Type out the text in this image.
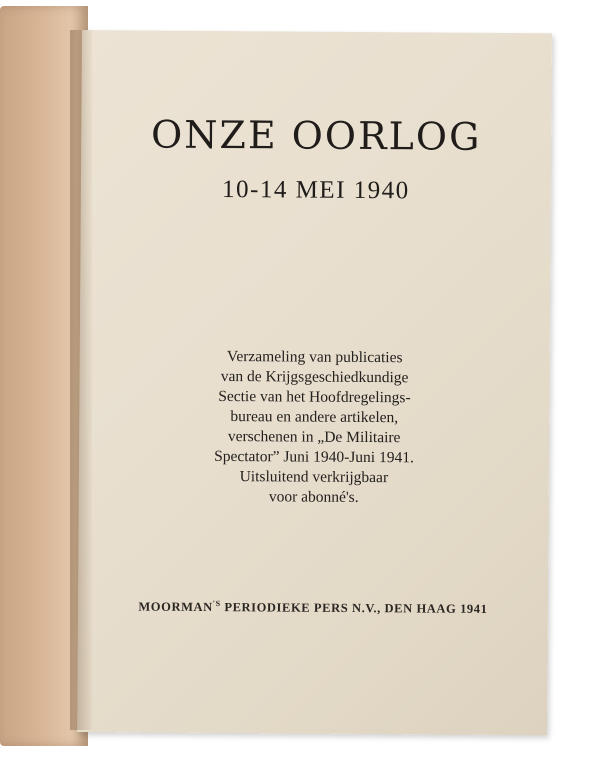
ONZE OORLOG
10-14 MEI 1940
Verzameling van publicaties
van de Krijgsgeschiedkundige
Sectie van het Hoofdregelings-
bureau en andere artikelen,
verschenen in „De Militaire
Spectator” Juni 1940-Juni 1941.
Uitsluitend verkrijgbaar
voor abonné's.
$MOORMAN^{'S}$ PERIODIEKE PERS N.V., DEN HAAG 1941
